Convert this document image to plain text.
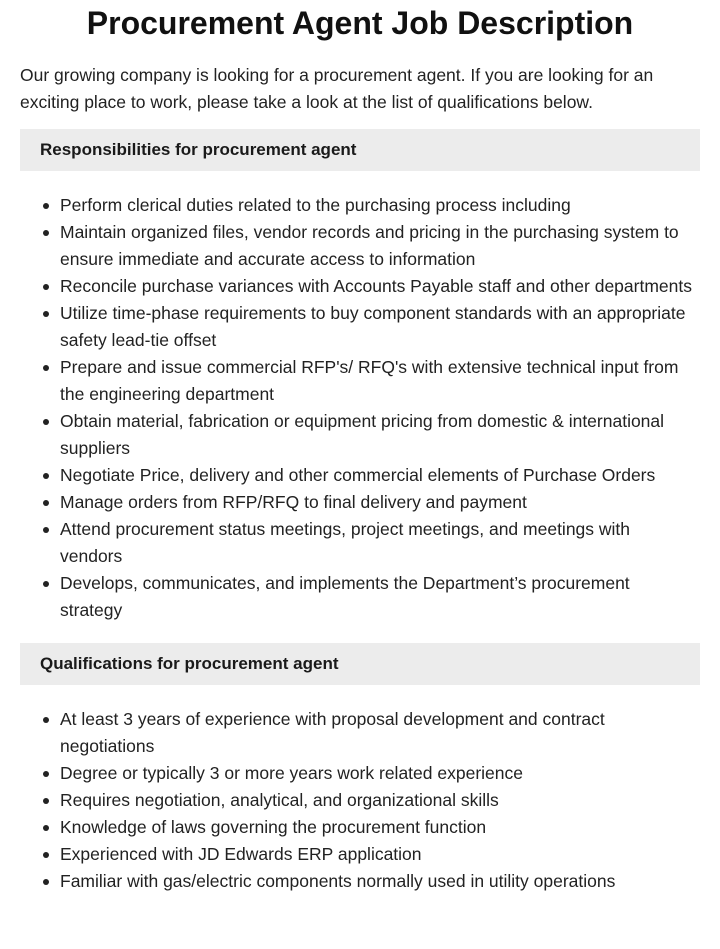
Procurement Agent Job Description

Our growing company is looking for a procurement agent. If you are looking for an exciting place to work, please take a look at the list of qualifications below.

Responsibilities for procurement agent
Perform clerical duties related to the purchasing process including
Maintain organized files, vendor records and pricing in the purchasing system to ensure immediate and accurate access to information
Reconcile purchase variances with Accounts Payable staff and other departments
Utilize time-phase requirements to buy component standards with an appropriate safety lead-tie offset
Prepare and issue commercial RFP's/ RFQ's with extensive technical input from the engineering department
Obtain material, fabrication or equipment pricing from domestic & international suppliers
Negotiate Price, delivery and other commercial elements of Purchase Orders
Manage orders from RFP/RFQ to final delivery and payment
Attend procurement status meetings, project meetings, and meetings with vendors
Develops, communicates, and implements the Department’s procurement strategy
Qualifications for procurement agent
At least 3 years of experience with proposal development and contract negotiations
Degree or typically 3 or more years work related experience
Requires negotiation, analytical, and organizational skills
Knowledge of laws governing the procurement function
Experienced with JD Edwards ERP application
Familiar with gas/electric components normally used in utility operations
